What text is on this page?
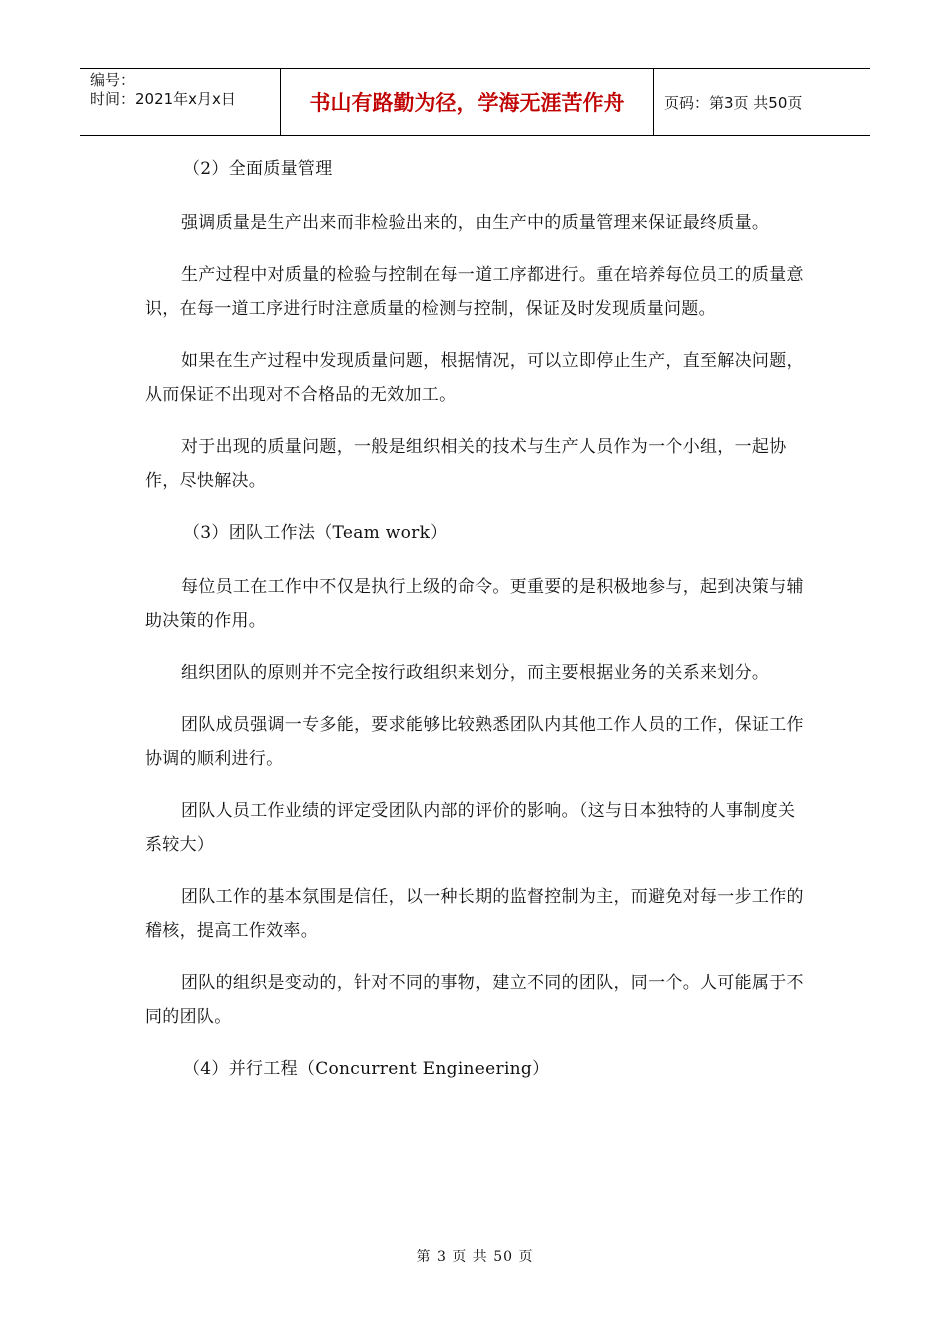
编号：
时间：2021年x月x日	书山有路勤为径，学海无涯苦作舟	页码：第3页 共50页

（2）全面质量管理

强调质量是生产出来而非检验出来的，由生产中的质量管理来保证最终质量。

生产过程中对质量的检验与控制在每一道工序都进行。重在培养每位员工的质量意识，在每一道工序进行时注意质量的检测与控制，保证及时发现质量问题。

如果在生产过程中发现质量问题，根据情况，可以立即停止生产，直至解决问题，从而保证不出现对不合格品的无效加工。

对于出现的质量问题，一般是组织相关的技术与生产人员作为一个小组，一起协作，尽快解决。

（3）团队工作法（Team work）

每位员工在工作中不仅是执行上级的命令。更重要的是积极地参与，起到决策与辅助决策的作用。

组织团队的原则并不完全按行政组织来划分，而主要根据业务的关系来划分。

团队成员强调一专多能，要求能够比较熟悉团队内其他工作人员的工作，保证工作协调的顺利进行。

团队人员工作业绩的评定受团队内部的评价的影响。（这与日本独特的人事制度关系较大）

团队工作的基本氛围是信任，以一种长期的监督控制为主，而避免对每一步工作的稽核，提高工作效率。

团队的组织是变动的，针对不同的事物，建立不同的团队，同一个。人可能属于不同的团队。

（4）并行工程（Concurrent Engineering）

第 3 页 共 50 页
